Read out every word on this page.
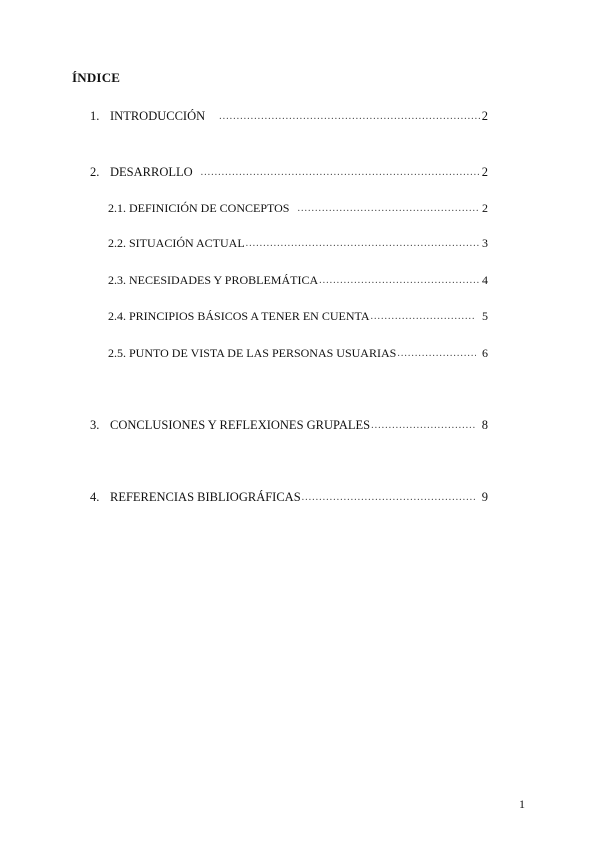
ÍNDICE
1. INTRODUCCIÓN .....	2
2. DESARROLLO .....	2
2.1. DEFINICIÓN DE CONCEPTOS .....	2
2.2. SITUACIÓN ACTUAL .....	3
2.3. NECESIDADES Y PROBLEMÁTICA .....	4
2.4. PRINCIPIOS BÁSICOS A TENER EN CUENTA .....	5
2.5. PUNTO DE VISTA DE LAS PERSONAS USUARIAS .....	6
3. CONCLUSIONES Y REFLEXIONES GRUPALES .....	8
4. REFERENCIAS BIBLIOGRÁFICAS .....	9
1
